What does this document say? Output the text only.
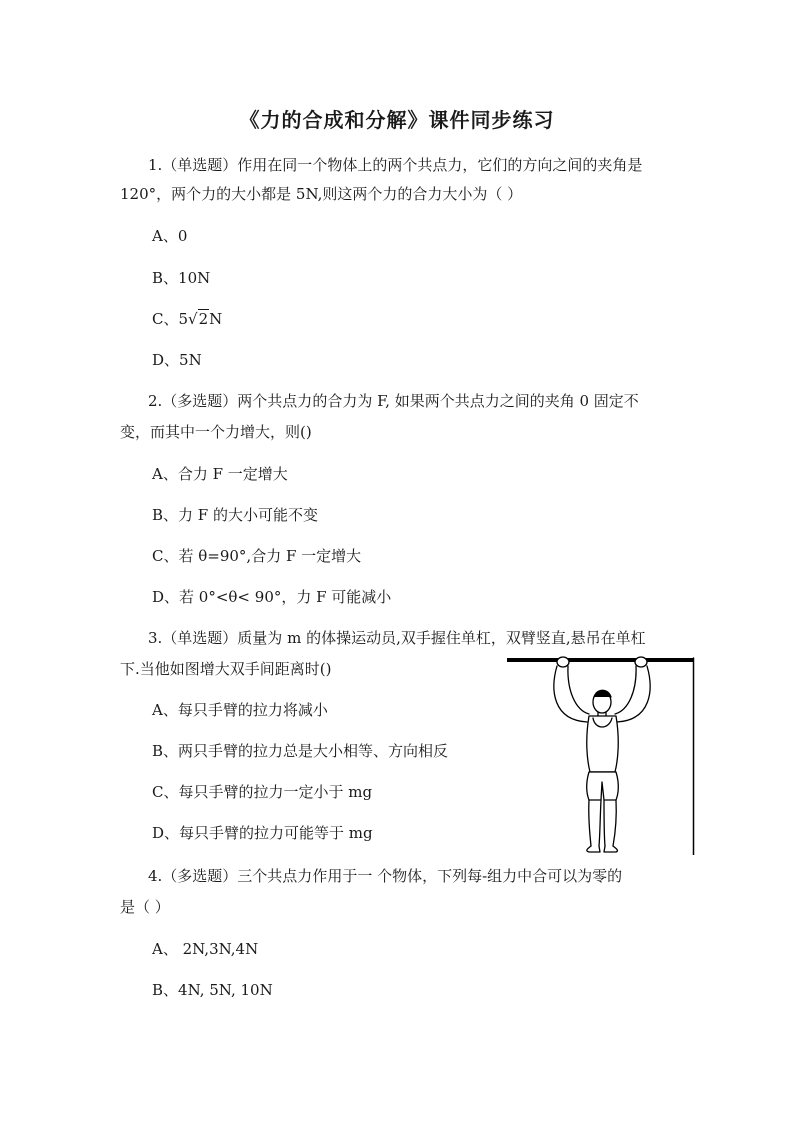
《力的合成和分解》课件同步练习
1.（单选题）作用在同一个物体上的两个共点力，它们的方向之间的夹角是
120°，两个力的大小都是 5N,则这两个力的合力大小为（ ）
A、0
B、10N
C、5√2N
D、5N
2.（多选题）两个共点力的合力为 F, 如果两个共点力之间的夹角 0 固定不
变，而其中一个力增大，则()
A、合力 F 一定增大
B、力 F 的大小可能不变
C、若 θ=90°,合力 F 一定增大
D、若 0°<θ< 90°，力 F 可能减小
3.（单选题）质量为 m 的体操运动员,双手握住单杠，双臂竖直,悬吊在单杠
下.当他如图增大双手间距离时()
A、每只手臂的拉力将减小
B、两只手臂的拉力总是大小相等、方向相反
C、每只手臂的拉力一定小于 mg
D、每只手臂的拉力可能等于 mg
4.（多选题）三个共点力作用于一 个物体，下列每-组力中合可以为零的
是（ ）
A、 2N,3N,4N
B、4N, 5N, 10N
